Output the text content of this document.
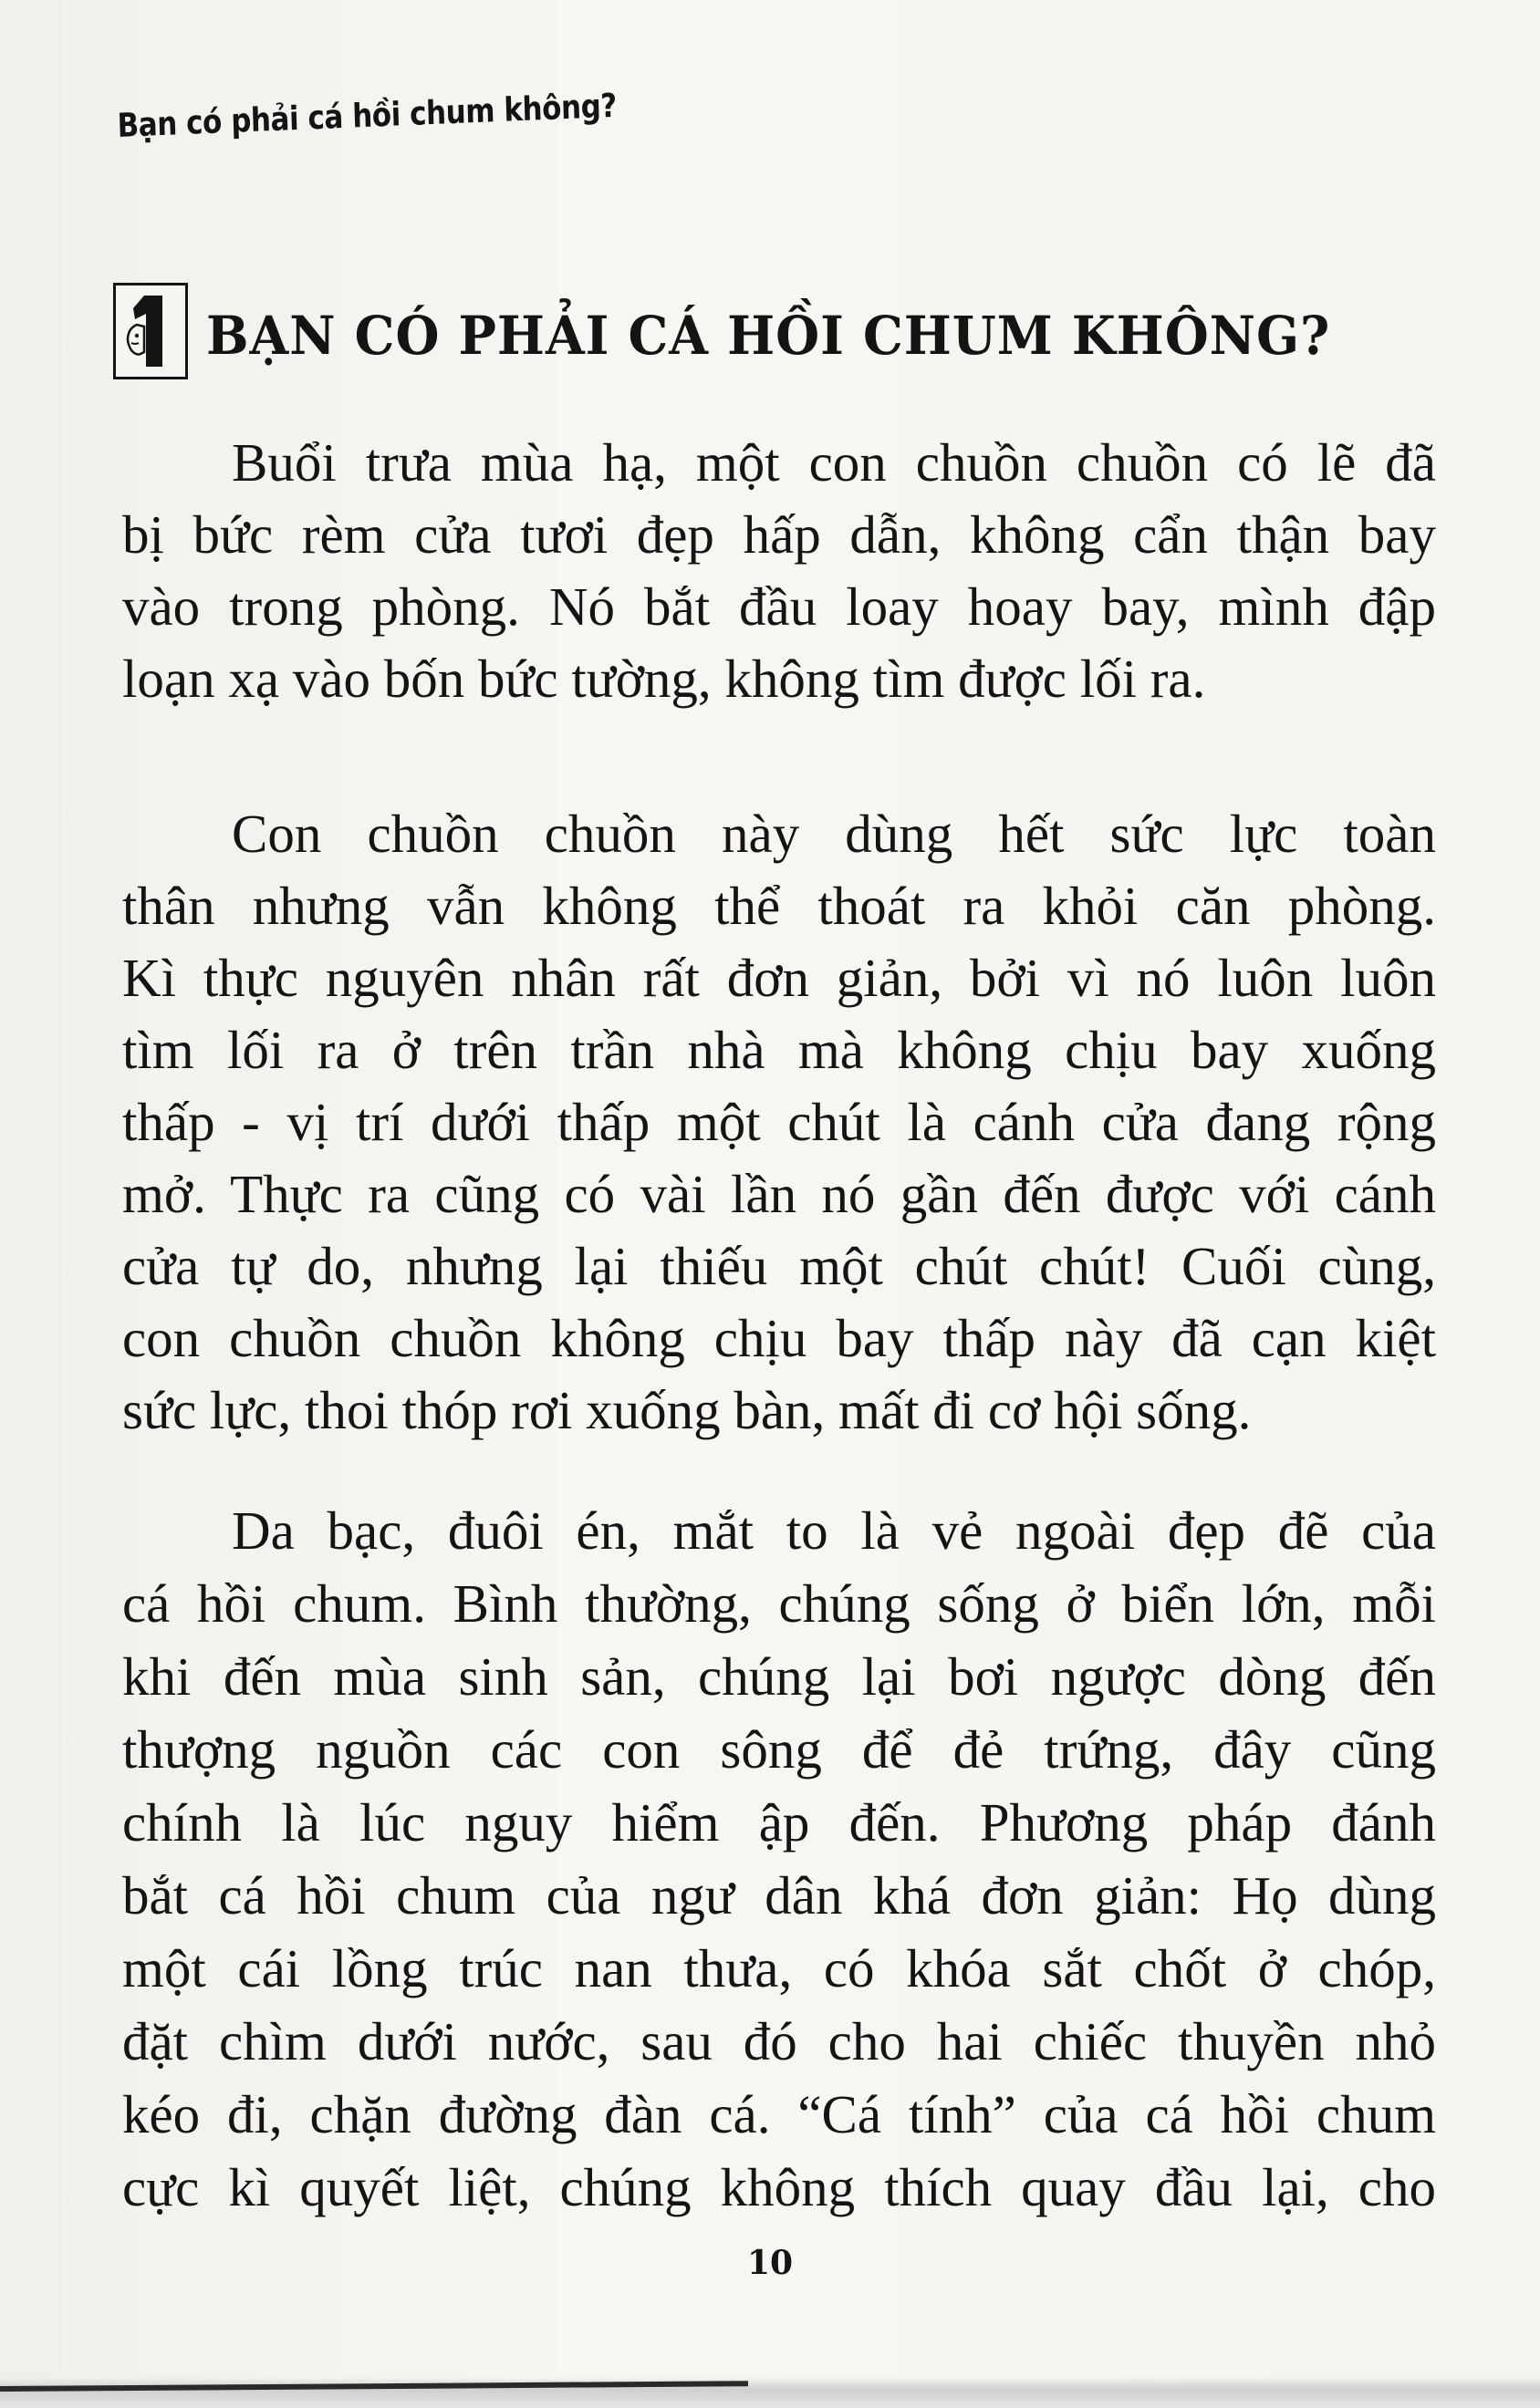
Bạn có phải cá hồi chum không?
BẠN CÓ PHẢI CÁ HỒI CHUM KHÔNG?
Buổi trưa mùa hạ, một con chuồn chuồn có lẽ đã
bị bức rèm cửa tươi đẹp hấp dẫn, không cẩn thận bay
vào trong phòng. Nó bắt đầu loay hoay bay, mình đập
loạn xạ vào bốn bức tường, không tìm được lối ra.
Con chuồn chuồn này dùng hết sức lực toàn
thân nhưng vẫn không thể thoát ra khỏi căn phòng.
Kì thực nguyên nhân rất đơn giản, bởi vì nó luôn luôn
tìm lối ra ở trên trần nhà mà không chịu bay xuống
thấp - vị trí dưới thấp một chút là cánh cửa đang rộng
mở. Thực ra cũng có vài lần nó gần đến được với cánh
cửa tự do, nhưng lại thiếu một chút chút! Cuối cùng,
con chuồn chuồn không chịu bay thấp này đã cạn kiệt
sức lực, thoi thóp rơi xuống bàn, mất đi cơ hội sống.
Da bạc, đuôi én, mắt to là vẻ ngoài đẹp đẽ của
cá hồi chum. Bình thường, chúng sống ở biển lớn, mỗi
khi đến mùa sinh sản, chúng lại bơi ngược dòng đến
thượng nguồn các con sông để đẻ trứng, đây cũng
chính là lúc nguy hiểm ập đến. Phương pháp đánh
bắt cá hồi chum của ngư dân khá đơn giản: Họ dùng
một cái lồng trúc nan thưa, có khóa sắt chốt ở chóp,
đặt chìm dưới nước, sau đó cho hai chiếc thuyền nhỏ
kéo đi, chặn đường đàn cá. “Cá tính” của cá hồi chum
cực kì quyết liệt, chúng không thích quay đầu lại, cho
10
